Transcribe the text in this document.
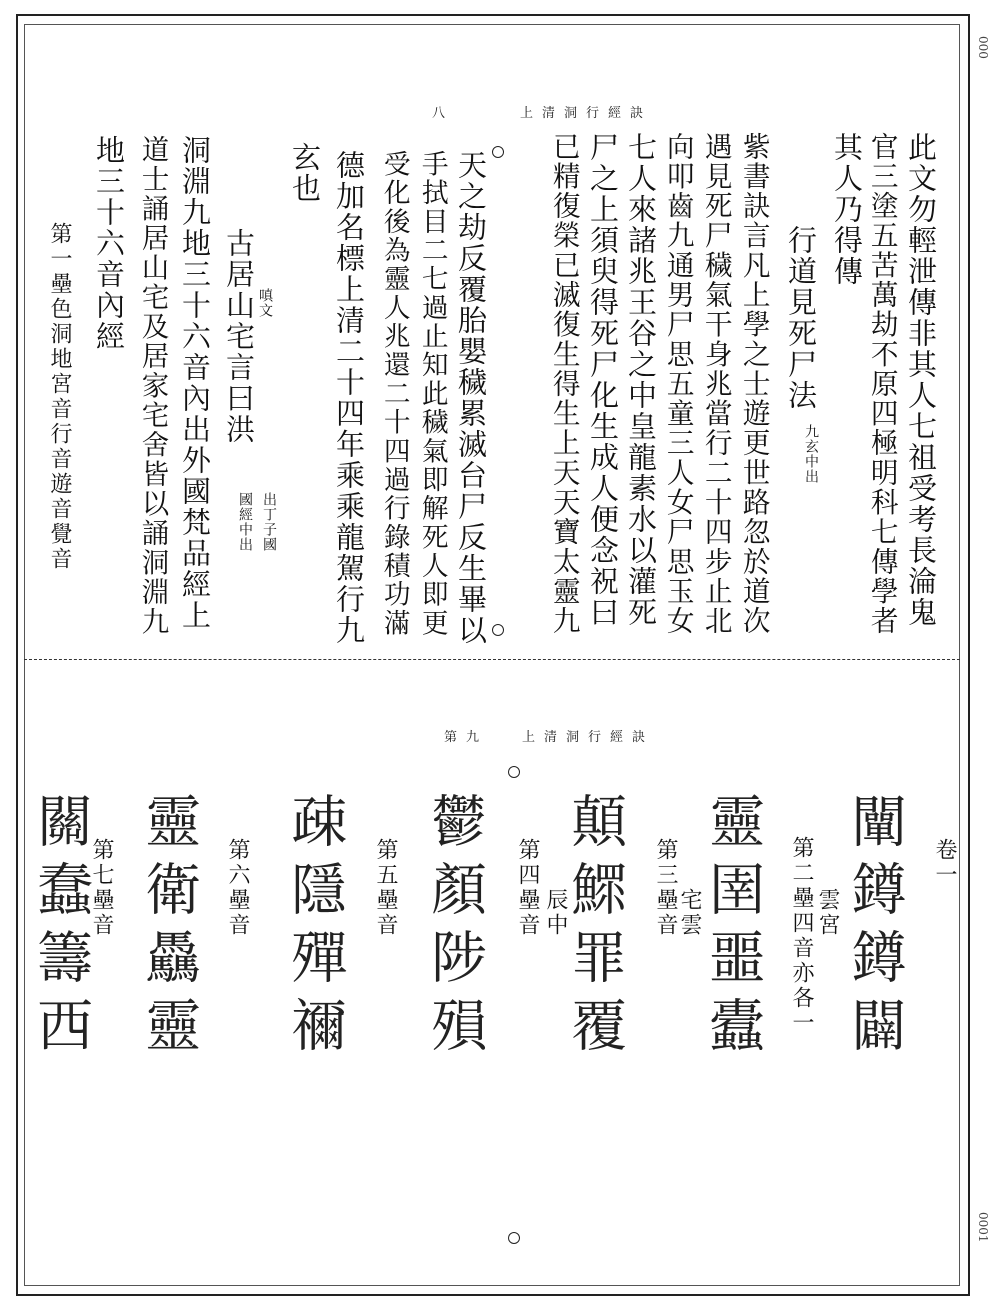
上清洞行經訣
八
此文勿輕泄傳非其人七祖受考長淪鬼
官三塗五苦萬劫不原四極明科七傳學者
其人乃得傳
行道見死尸法
紫書訣言凡上學之士遊更世路忽於道次
遇見死尸穢氣干身兆當行二十四步止北
向叩齒九通男尸思五童三人女尸思玉女
七人來諸兆王谷之中皇龍素水以灌死
尸之上須臾得死尸化生成人便念祝曰
已精復榮已滅復生得生上天天寶太靈九
天之劫反覆胎嬰穢累滅台尸反生畢以
手拭目二七過止知此穢氣即解死人即更
受化後為靈人兆還二十四過行錄積功滿
德加名標上清二十四年乘乘龍駕行九
玄也
古居山宅言曰洪
洞淵九地三十六音內出外國梵品經上
道士誦居山宅及居家宅舍皆以誦洞淵九
地三十六音內經
第一壘色洞地宮音行音遊音覺音	九玄中出
出丁子國
國經中出
嗔文
上清洞行經訣
第九
卷一
第二壘四音亦各一
第三壘音
第四壘音
第五壘音
第六壘音
第七壘音	闡鐏鐏闢
靈圉噩蠹
顛鰥罪覆
鬱顏陟殞
疎隱殫禰
靈衛驫靈
關蠢籌西	雲宮
宅雲
辰中
0001
000
